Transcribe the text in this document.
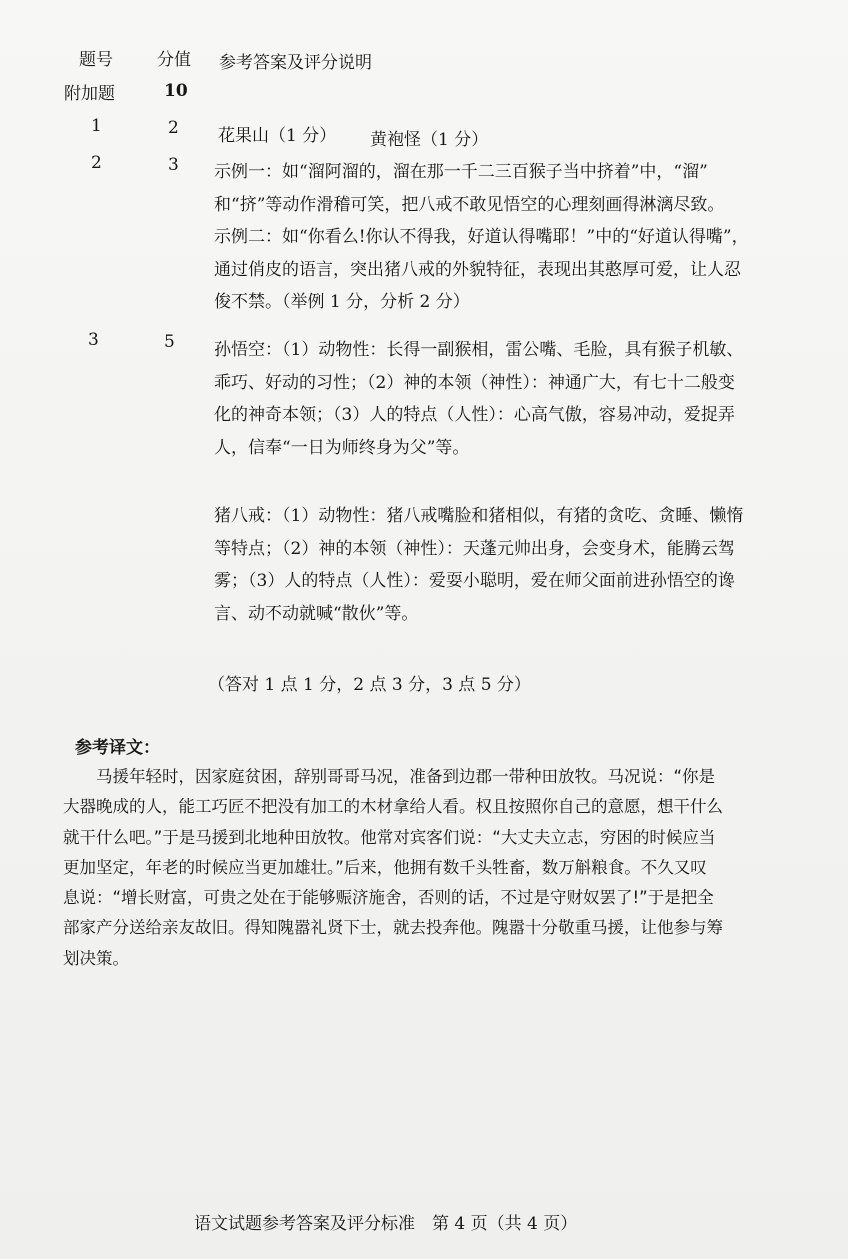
题号	分值 参考答案及评分说明
附加题	10
1	2 花果山（1 分） 黄袍怪（1 分）
2	3 示例一：如“溜阿溜的，溜在那一千二三百猴子当中挤着”中，“溜”

和“挤”等动作滑稽可笑，把八戒不敢见悟空的心理刻画得淋漓尽致。

示例二：如“你看么!你认不得我，好道认得嘴耶！”中的“好道认得嘴”，

通过俏皮的语言，突出猪八戒的外貌特征，表现出其憨厚可爱，让人忍

俊不禁。（举例 1 分，分析 2 分）

3	5 孙悟空：（1）动物性：长得一副猴相，雷公嘴、毛脸，具有猴子机敏、

乖巧、好动的习性；（2）神的本领（神性）：神通广大，有七十二般变

化的神奇本领；（3）人的特点（人性）：心高气傲，容易冲动，爱捉弄

人，信奉“一日为师终身为父”等。

猪八戒：（1）动物性：猪八戒嘴脸和猪相似，有猪的贪吃、贪睡、懒惰

等特点；（2）神的本领（神性）：天蓬元帅出身，会变身术，能腾云驾

雾；（3）人的特点（人性）：爱耍小聪明，爱在师父面前进孙悟空的谗

言、动不动就喊“散伙”等。

（答对 1 点 1 分，2 点 3 分，3 点 5 分）
参考译文：

马援年轻时，因家庭贫困，辞别哥哥马况，准备到边郡一带种田放牧。马况说：“你是

大器晚成的人，能工巧匠不把没有加工的木材拿给人看。权且按照你自己的意愿，想干什么

就干什么吧。”于是马援到北地种田放牧。他常对宾客们说：“大丈夫立志，穷困的时候应当

更加坚定，年老的时候应当更加雄壮。”后来，他拥有数千头牲畜，数万斛粮食。不久又叹

息说：“增长财富，可贵之处在于能够赈济施舍，否则的话，不过是守财奴罢了!”于是把全

部家产分送给亲友故旧。得知隗嚣礼贤下士，就去投奔他。隗嚣十分敬重马援，让他参与筹

划决策。

语文试题参考答案及评分标准　第 4 页（共 4 页）
